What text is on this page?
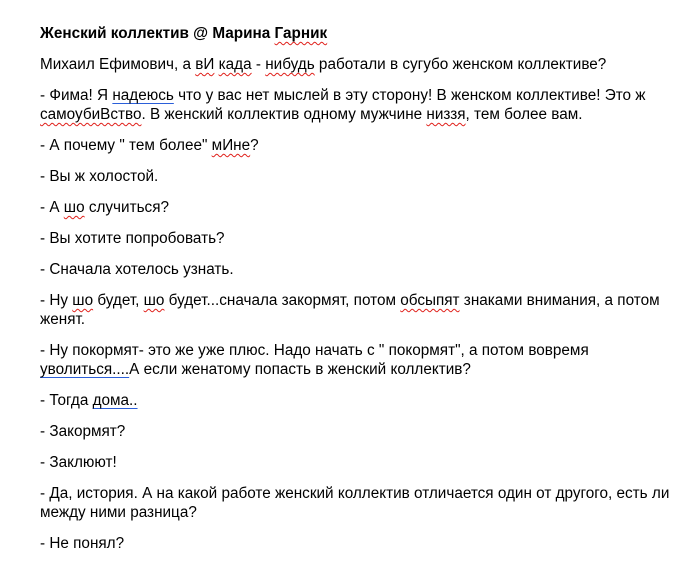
Женский коллектив @ Марина Гарник

Михаил Ефимович, а вИ када - нибудь работали в сугубо женском коллективе?

- Фима! Я надеюсь что у вас нет мыслей в эту сторону! В женском коллективе! Это ж самоубиВство. В женский коллектив одному мужчине низзя, тем более вам.

- А почему " тем более" мИне?

- Вы ж холостой.

- А шо случиться?

- Вы хотите попробовать?

- Сначала хотелось узнать.

- Ну шо будет, шо будет...сначала закормят, потом обсыпят знаками внимания, а потом женят.

- Ну покормят- это же уже плюс. Надо начать с " покормят", а потом вовремя уволиться....А если женатому попасть в женский коллектив?

- Тогда дома..

- Закормят?

- Заклюют!

- Да, история. А на какой работе женский коллектив отличается один от другого, есть ли между ними разница?

- Не понял?
